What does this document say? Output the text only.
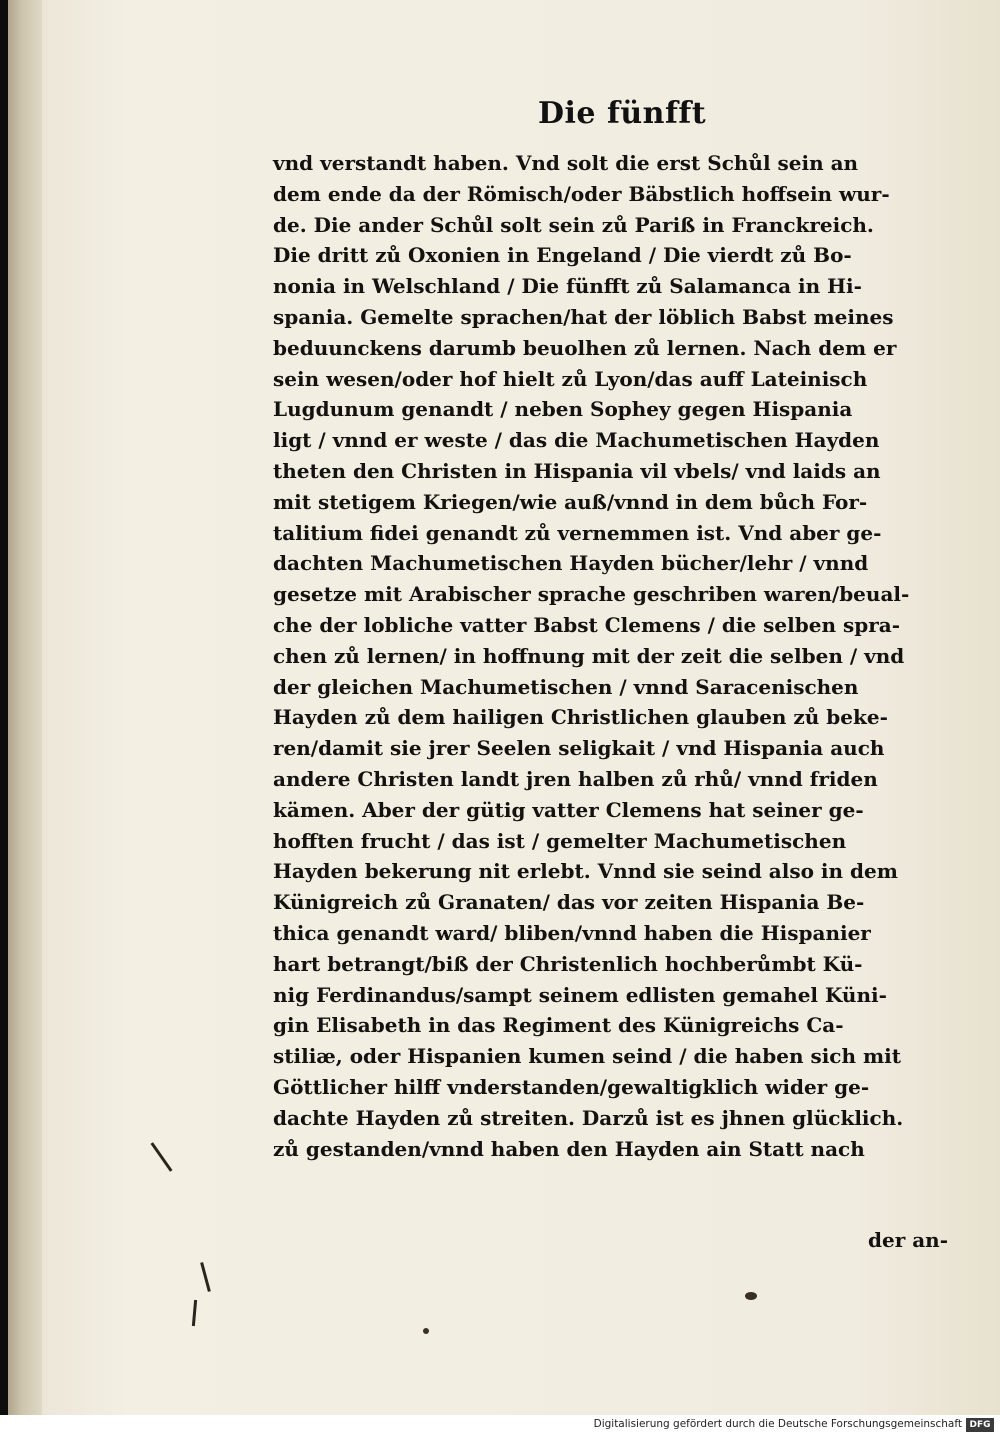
Die fünfft
vnd verstandt haben. Vnd solt die erst Schůl sein an
dem ende da der Römisch/oder Bäbstlich hoffsein wur-
de. Die ander Schůl solt sein zů Pariß in Franckreich.
Die dritt zů Oxonien in Engeland / Die vierdt zů Bo-
nonia in Welschland / Die fünfft zů Salamanca in Hi-
spania. Gemelte sprachen/hat der löblich Babst meines
beduunckens darumb beuolhen zů lernen. Nach dem er
sein wesen/oder hof hielt zů Lyon/das auff Lateinisch
Lugdunum genandt / neben Sophey gegen Hispania
ligt / vnnd er weste / das die Machumetischen Hayden
theten den Christen in Hispania vil vbels/ vnd laids an
mit stetigem Kriegen/wie auß/vnnd in dem bůch For-
talitium fidei genandt zů vernemmen ist. Vnd aber ge-
dachten Machumetischen Hayden bücher/lehr / vnnd
gesetze mit Arabischer sprache geschriben waren/beual-
che der lobliche vatter Babst Clemens / die selben spra-
chen zů lernen/ in hoffnung mit der zeit die selben / vnd
der gleichen Machumetischen / vnnd Saracenischen
Hayden zů dem hailigen Christlichen glauben zů beke-
ren/damit sie jrer Seelen seligkait / vnd Hispania auch
andere Christen landt jren halben zů rhů/ vnnd friden
kämen. Aber der gütig vatter Clemens hat seiner ge-
hofften frucht / das ist / gemelter Machumetischen
Hayden bekerung nit erlebt. Vnnd sie seind also in dem
Künigreich zů Granaten/ das vor zeiten Hispania Be-
thica genandt ward/ bliben/vnnd haben die Hispanier
hart betrangt/biß der Christenlich hochberůmbt Kü-
nig Ferdinandus/sampt seinem edlisten gemahel Küni-
gin Elisabeth in das Regiment des Künigreichs Ca-
stiliæ, oder Hispanien kumen seind / die haben sich mit
Göttlicher hilff vnderstanden/gewaltigklich wider ge-
dachte Hayden zů streiten. Darzů ist es jhnen glücklich.
zů gestanden/vnnd haben den Hayden ain Statt nach
der an-
Digitalisierung gefördert durch die Deutsche Forschungsgemeinschaft DFG
